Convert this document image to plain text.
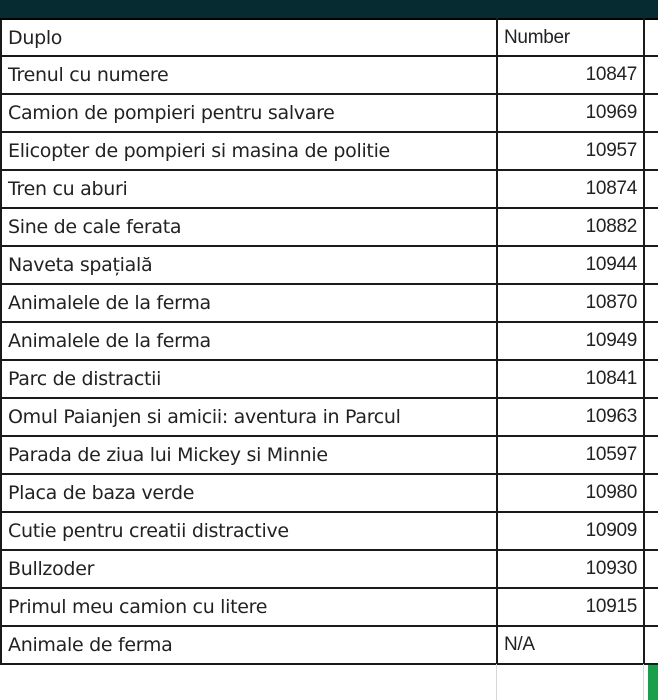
Duplo	Number	
Trenul cu numere	10847	
Camion de pompieri pentru salvare	10969	
Elicopter de pompieri si masina de politie	10957	
Tren cu aburi	10874	
Sine de cale ferata	10882	
Naveta spațială	10944	
Animalele de la ferma	10870	
Animalele de la ferma	10949	
Parc de distractii	10841	
Omul Paianjen si amicii: aventura in Parcul	10963	
Parada de ziua lui Mickey si Minnie	10597	
Placa de baza verde	10980	
Cutie pentru creatii distractive	10909	
Bullzoder	10930	
Primul meu camion cu litere	10915	
Animale de ferma	N/A	
